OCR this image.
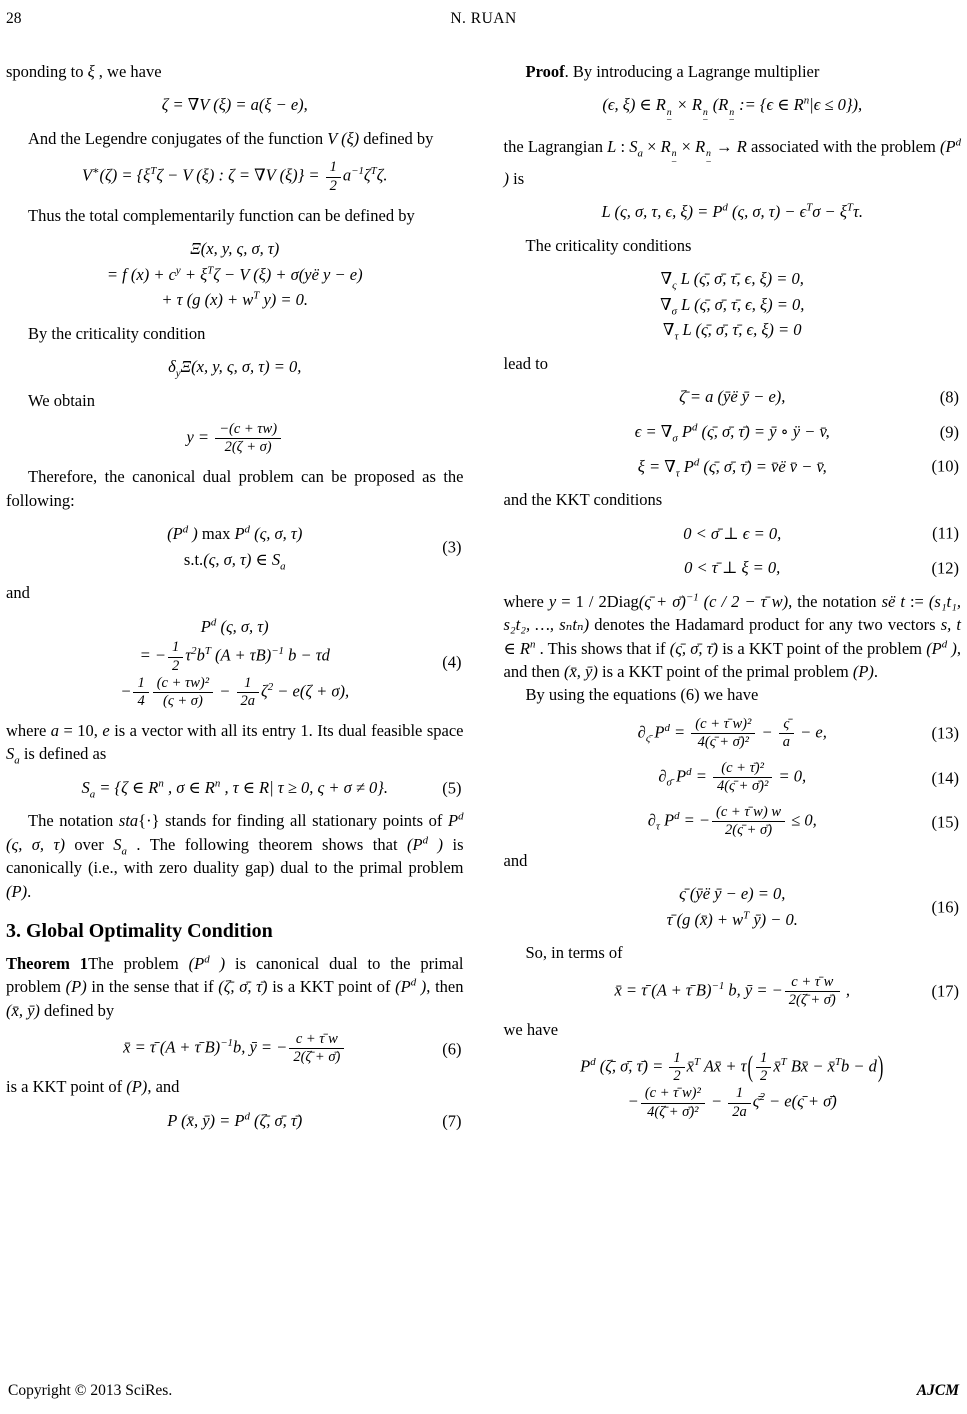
28	N. RUAN
sponding to ξ , we have
ζ = ∇V (ξ) = a(ξ − e),
And the Legendre conjugates of the function V (ξ) defined by
$V^∗(\zeta) = \{\xi^T\zeta - V$ (ξ) : ζ = ∇V $(\xi)\} = \frac{1}{2} a^{-1}\zeta^T\zeta$.
Thus the total complementarily function can be defined by
Ξ(x, y, ς, σ, τ)
= f $(x) + c^y + \xi^T\zeta - V$ (ξ) + σ(yë y − e)
+ τ (g $(x) + w^T$ y) = 0.
By the criticality condition
$\delta_y\Xi(x$, y, ς, σ, τ) = 0,
We obtain
$y = \frac{-(c + \tau w)}{2(\zeta + \sigma)}$
Therefore, the canonical dual problem can be proposed as the following:
($P^d$ ) $\max P^d$ (ς, σ, τ)
s.t.(ς, σ, τ) ∈ $S_a$
(3)
and
$P^d$ (ς, σ, τ)
= − $\frac{1}{2} \tau^2b^T$ $(A + \tau B)^{-1}$ b − τd
− $\frac{1}{4} \frac{\text{(c + τw)²}}{(\varsigma + \sigma)} - \frac{1}{2a} \zeta^2 - e(\zeta + \sigma)$,
(4)
where a = 10, e is a vector with all its entry 1. Its dual feasible space $S_a$ is defined as
$S_a = \{\zeta$ ∈ $R^n$ , σ ∈ $R^n$ , τ ∈ R| τ ≥ 0, ς + σ ≠ 0}.	(5)
The notation sta{·} stands for finding all stationary points of $P^d$ (ς, σ, τ) over $S_a$ . The following theorem shows that ($P^d$ ) is canonically (i.e., with zero duality gap) dual to the primal problem (P).
3. Global Optimality Condition
Theorem 1The problem ($P^d$ ) is canonical dual to the primal problem (P) in the sense that if (ζ̄, σ̄, τ̄) is a KKT point of ($P^d$ ), then (x̄, ȳ) defined by
x̄ = τ̄ (A + τ̄ B)$^{-1}$b, ȳ = − $\frac{c + \taū w}{2(\zetā + \sigmā)}$	(6)
is a KKT point of (P), and
P (x̄, ȳ) = $P^d$ (ζ̄, σ̄, τ̄)	(7)
Proof. By introducing a Lagrange multiplier
(ϵ, ξ) ∈ R n
−
× R n
−
(R n
−
:= {ϵ ∈ $R^n|\epsilon \le 0$}),
the Lagrangian L : $S_a \times R$ n
−
× R n
−
→ R associated with the problem ($P^d$ ) is
L (ς, σ, τ, ϵ, $\xi) = P^d$ (ς, σ, $\tau) - \epsilon^T\sigma - \xi^T\tau$.
The criticality conditions
$\nabla_\varsigma$ L (ς̄, σ̄, τ̄, ϵ, ξ) = 0,
$\nabla_\sigma$ L (ς̄, σ̄, τ̄, ϵ, ξ) = 0,
$\nabla_\tau$ L (ς̄, σ̄, τ̄, ϵ, ξ) = 0
lead to
ζ̄ = a (ȳë ȳ − e),	(8)
$\epsilon = \nabla_\sigma$ $P^d$ (ς̄, σ̄, τ̄) = ȳ ∘ ÿ − v̄,	(9)
$\xi = \nabla_\tau$ $P^d$ (ς̄, σ̄, τ̄) = v̄ë v̄ − v̄,	(10)
and the KKT conditions
0 < σ̄ ⊥ ϵ = 0,	(11)
0 < τ̄ ⊥ ξ = 0,	(12)
where y = 1 / 2Diag(ς̄ + σ̄)$^{-1}$ (c / 2 − τ̄ w), the notation së t := (s₁t₁, s₂t₂, …, sₙtₙ) denotes the Hadamard product for any two vectors s, t ∈ $R^n$ . This shows that if (ς̄, σ̄, τ̄) is a KKT point of the problem ($P^d$ ), and then (x̄, ȳ) is a KKT point of the primal problem (P).
By using the equations (6) we have
$\partial_{\varsigmā}$ $P^d = \frac{\text{(c + τ̄ w)²}}{\text{4(ς̄ + σ̄)²}} - \frac{\varsigmā}{a} - e$,	(13)
$\partial_{\sigmā}$ $P^d = \frac{\text{(c + τ̄)²}}{\text{4(ς̄ + σ̄)²}} = 0$,	(14)
$\partial_\tau$ $P^d$ = − $\frac{(c + \taū w) w}{2(\varsigmā + \sigmā)} \le 0$,	(15)
and
ς̄ (ȳë ȳ − e) = 0,
τ̄ (g (x̄) + $w^T$ ȳ) − 0.
(16)
So, in terms of
x̄ = τ̄ (A + τ̄ B)$^{-1}$ b, ȳ = − $\frac{c + \taū w}{2(\zetā + \sigmā)}$ ,	(17)
we have
$P^d$ (ζ̄, σ̄, τ̄) = $\frac{1}{2}$ x̄$^T$ Ax̄ + $\tau( \frac{1}{2}$ x̄$^T$ Bx̄ − x̄$^T$b − d)
− $\frac{\text{(c + τ̄ w)²}}{\text{4(ζ̄ + σ̄)²}} - \frac{1}{2a}$ ς̄$^2$ − e(ς̄ + σ̄)
Copyright © 2013 SciRes.	AJCM
